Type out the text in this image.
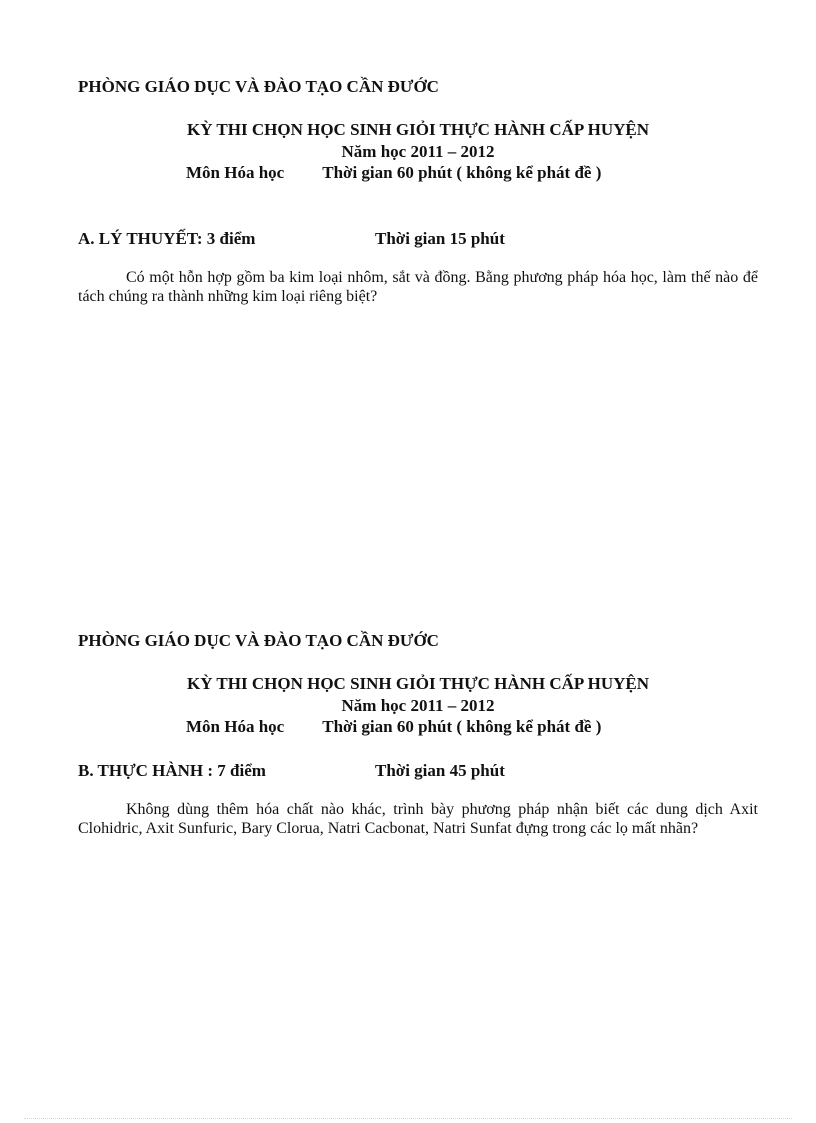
PHÒNG GIÁO DỤC VÀ ĐÀO TẠO CẦN ĐƯỚC
KỲ THI CHỌN HỌC SINH GIỎI THỰC HÀNH CẤP HUYỆN
Năm học 2011 – 2012
Môn Hóa học Thời gian 60 phút ( không kể phát đề )
A. LÝ THUYẾT: 3 điểm	Thời gian 15 phút
Có một hỗn hợp gồm ba kim loại nhôm, sắt và đồng. Bằng phương pháp hóa học, làm thế nào để tách chúng ra thành những kim loại riêng biệt?
PHÒNG GIÁO DỤC VÀ ĐÀO TẠO CẦN ĐƯỚC
KỲ THI CHỌN HỌC SINH GIỎI THỰC HÀNH CẤP HUYỆN
Năm học 2011 – 2012
Môn Hóa học Thời gian 60 phút ( không kể phát đề )
B. THỰC HÀNH : 7 điểm	Thời gian 45 phút
Không dùng thêm hóa chất nào khác, trình bày phương pháp nhận biết các dung dịch Axit Clohidric, Axit Sunfuric, Bary Clorua, Natri Cacbonat, Natri Sunfat đựng trong các lọ mất nhãn?
